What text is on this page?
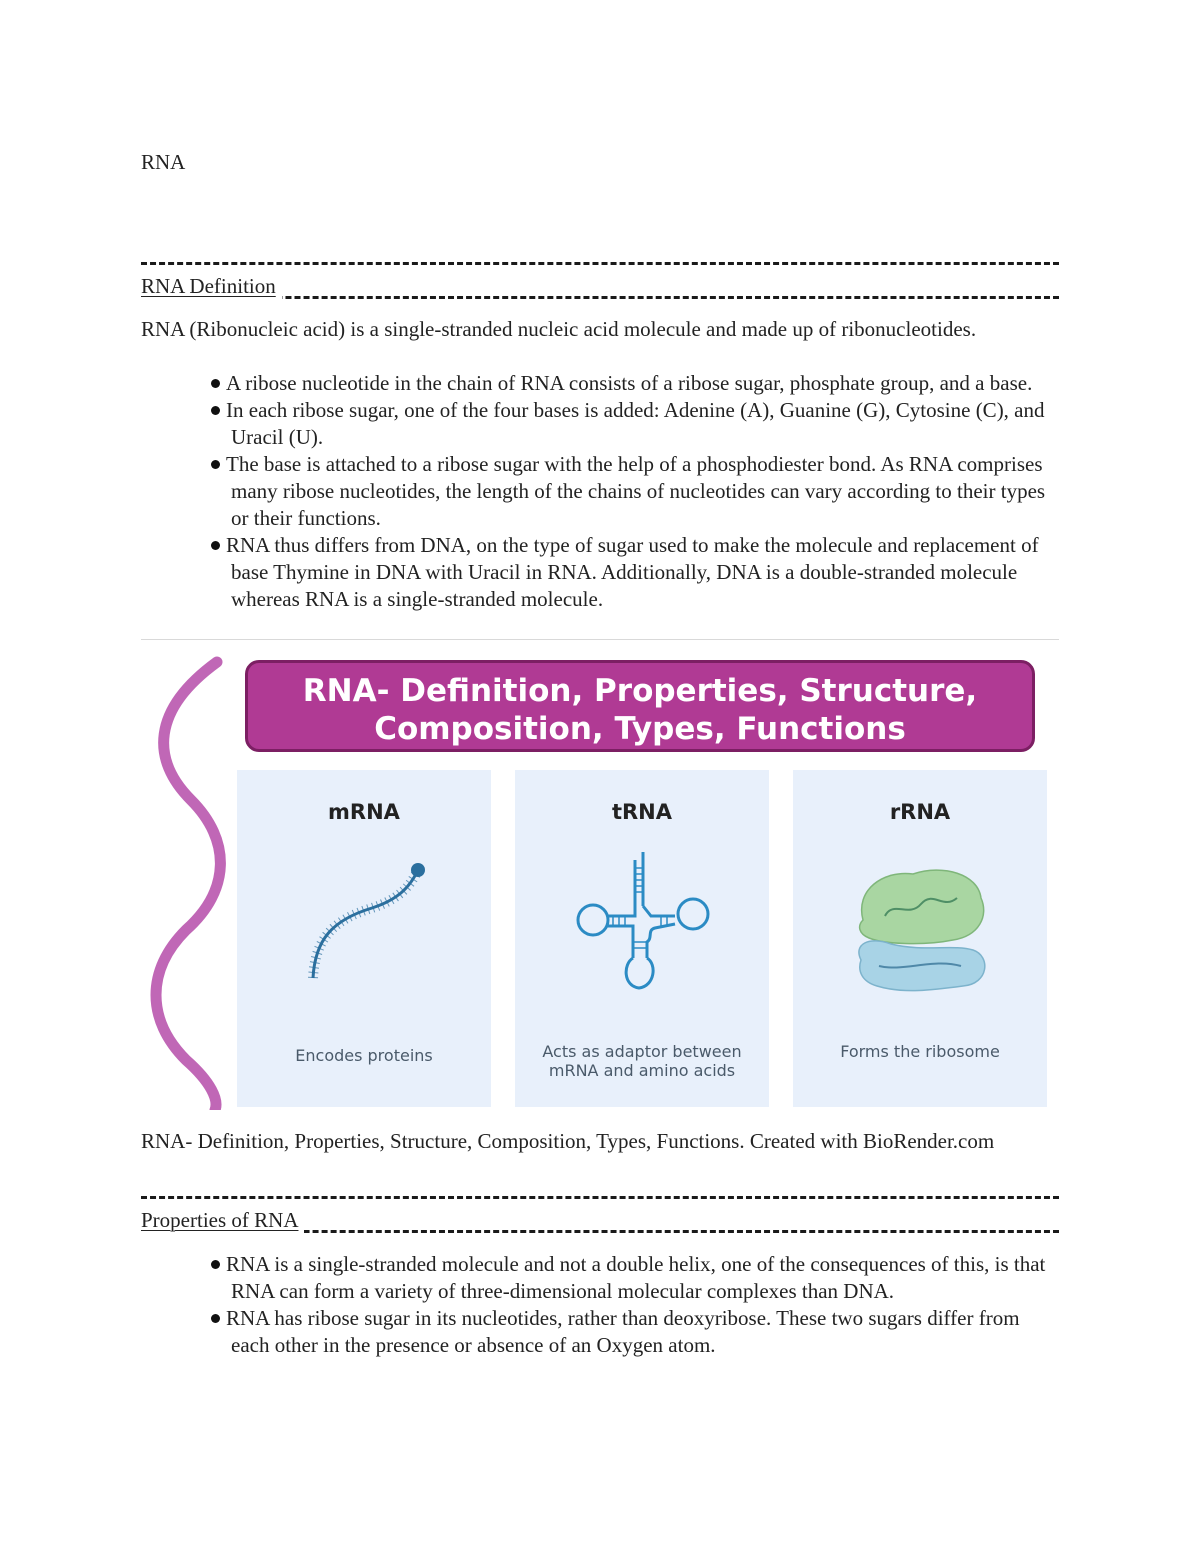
RNA
RNA Definition
RNA (Ribonucleic acid) is a single-stranded nucleic acid molecule and made up of ribonucleotides.
A ribose nucleotide in the chain of RNA consists of a ribose sugar, phosphate group, and a base.
In each ribose sugar, one of the four bases is added: Adenine (A), Guanine (G), Cytosine (C), and Uracil (U).
The base is attached to a ribose sugar with the help of a phosphodiester bond. As RNA comprises many ribose nucleotides, the length of the chains of nucleotides can vary according to their types or their functions.
RNA thus differs from DNA, on the type of sugar used to make the molecule and replacement of base Thymine in DNA with Uracil in RNA. Additionally, DNA is a double-stranded molecule whereas RNA is a single-stranded molecule.
RNA- Definition, Properties, Structure,
Composition, Types, Functions
mRNA
Encodes proteins
tRNA
Acts as adaptor between
mRNA and amino acids
rRNA
Forms the ribosome
RNA- Definition, Properties, Structure, Composition, Types, Functions. Created with BioRender.com
Properties of RNA
RNA is a single-stranded molecule and not a double helix, one of the consequences of this, is that RNA can form a variety of three-dimensional molecular complexes than DNA.
RNA has ribose sugar in its nucleotides, rather than deoxyribose. These two sugars differ from each other in the presence or absence of an Oxygen atom.
